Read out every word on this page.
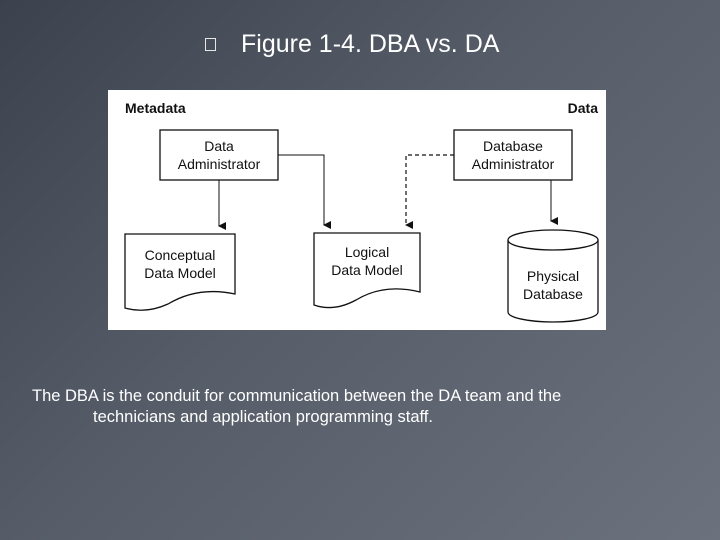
Figure 1-4. DBA vs. DA
Metadata	Data
Data
Administrator
Database
Administrator
Conceptual
Data Model
Logical
Data Model	Physical
Database
The DBA is the conduit for communication between the DA team and the
technicians and application programming staff.
